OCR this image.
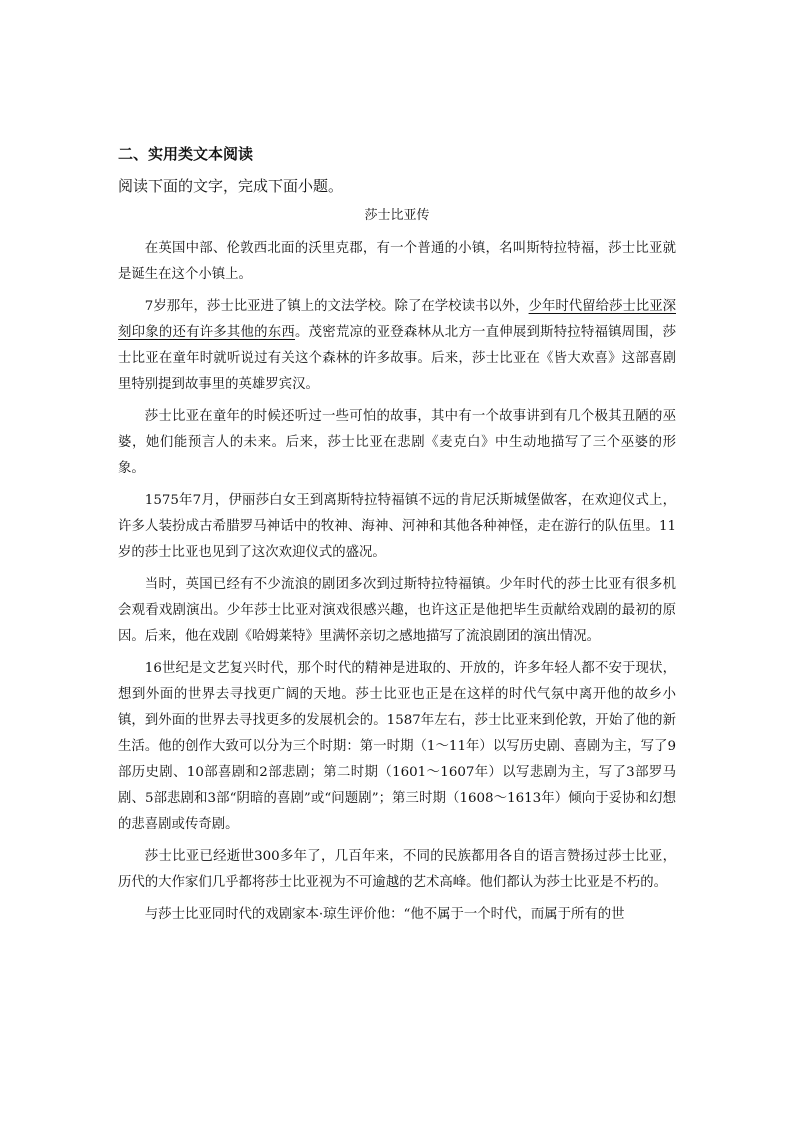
二、实用类文本阅读
阅读下面的文字，完成下面小题。
莎士比亚传

在英国中部、伦敦西北面的沃里克郡，有一个普通的小镇，名叫斯特拉特福，莎士比亚就是诞生在这个小镇上。

7岁那年，莎士比亚进了镇上的文法学校。除了在学校读书以外，少年时代留给莎士比亚深刻印象的还有许多其他的东西。茂密荒凉的亚登森林从北方一直伸展到斯特拉特福镇周围，莎士比亚在童年时就听说过有关这个森林的许多故事。后来，莎士比亚在《皆大欢喜》这部喜剧里特别提到故事里的英雄罗宾汉。

莎士比亚在童年的时候还听过一些可怕的故事，其中有一个故事讲到有几个极其丑陋的巫婆，她们能预言人的未来。后来，莎士比亚在悲剧《麦克白》中生动地描写了三个巫婆的形象。

1575年7月，伊丽莎白女王到离斯特拉特福镇不远的肯尼沃斯城堡做客，在欢迎仪式上，许多人装扮成古希腊罗马神话中的牧神、海神、河神和其他各种神怪，走在游行的队伍里。11岁的莎士比亚也见到了这次欢迎仪式的盛况。

当时，英国已经有不少流浪的剧团多次到过斯特拉特福镇。少年时代的莎士比亚有很多机会观看戏剧演出。少年莎士比亚对演戏很感兴趣，也许这正是他把毕生贡献给戏剧的最初的原因。后来，他在戏剧《哈姆莱特》里满怀亲切之感地描写了流浪剧团的演出情况。

16世纪是文艺复兴时代，那个时代的精神是进取的、开放的，许多年轻人都不安于现状，想到外面的世界去寻找更广阔的天地。莎士比亚也正是在这样的时代气氛中离开他的故乡小镇，到外面的世界去寻找更多的发展机会的。1587年左右，莎士比亚来到伦敦，开始了他的新生活。他的创作大致可以分为三个时期：第一时期（1～11年）以写历史剧、喜剧为主，写了9部历史剧、10部喜剧和2部悲剧；第二时期（1601～1607年）以写悲剧为主，写了3部罗马剧、5部悲剧和3部“阴暗的喜剧”或“问题剧”；第三时期（1608～1613年）倾向于妥协和幻想的悲喜剧或传奇剧。

莎士比亚已经逝世300多年了，几百年来，不同的民族都用各自的语言赞扬过莎士比亚，历代的大作家们几乎都将莎士比亚视为不可逾越的艺术高峰。他们都认为莎士比亚是不朽的。

与莎士比亚同时代的戏剧家本·琼生评价他：“他不属于一个时代，而属于所有的世
